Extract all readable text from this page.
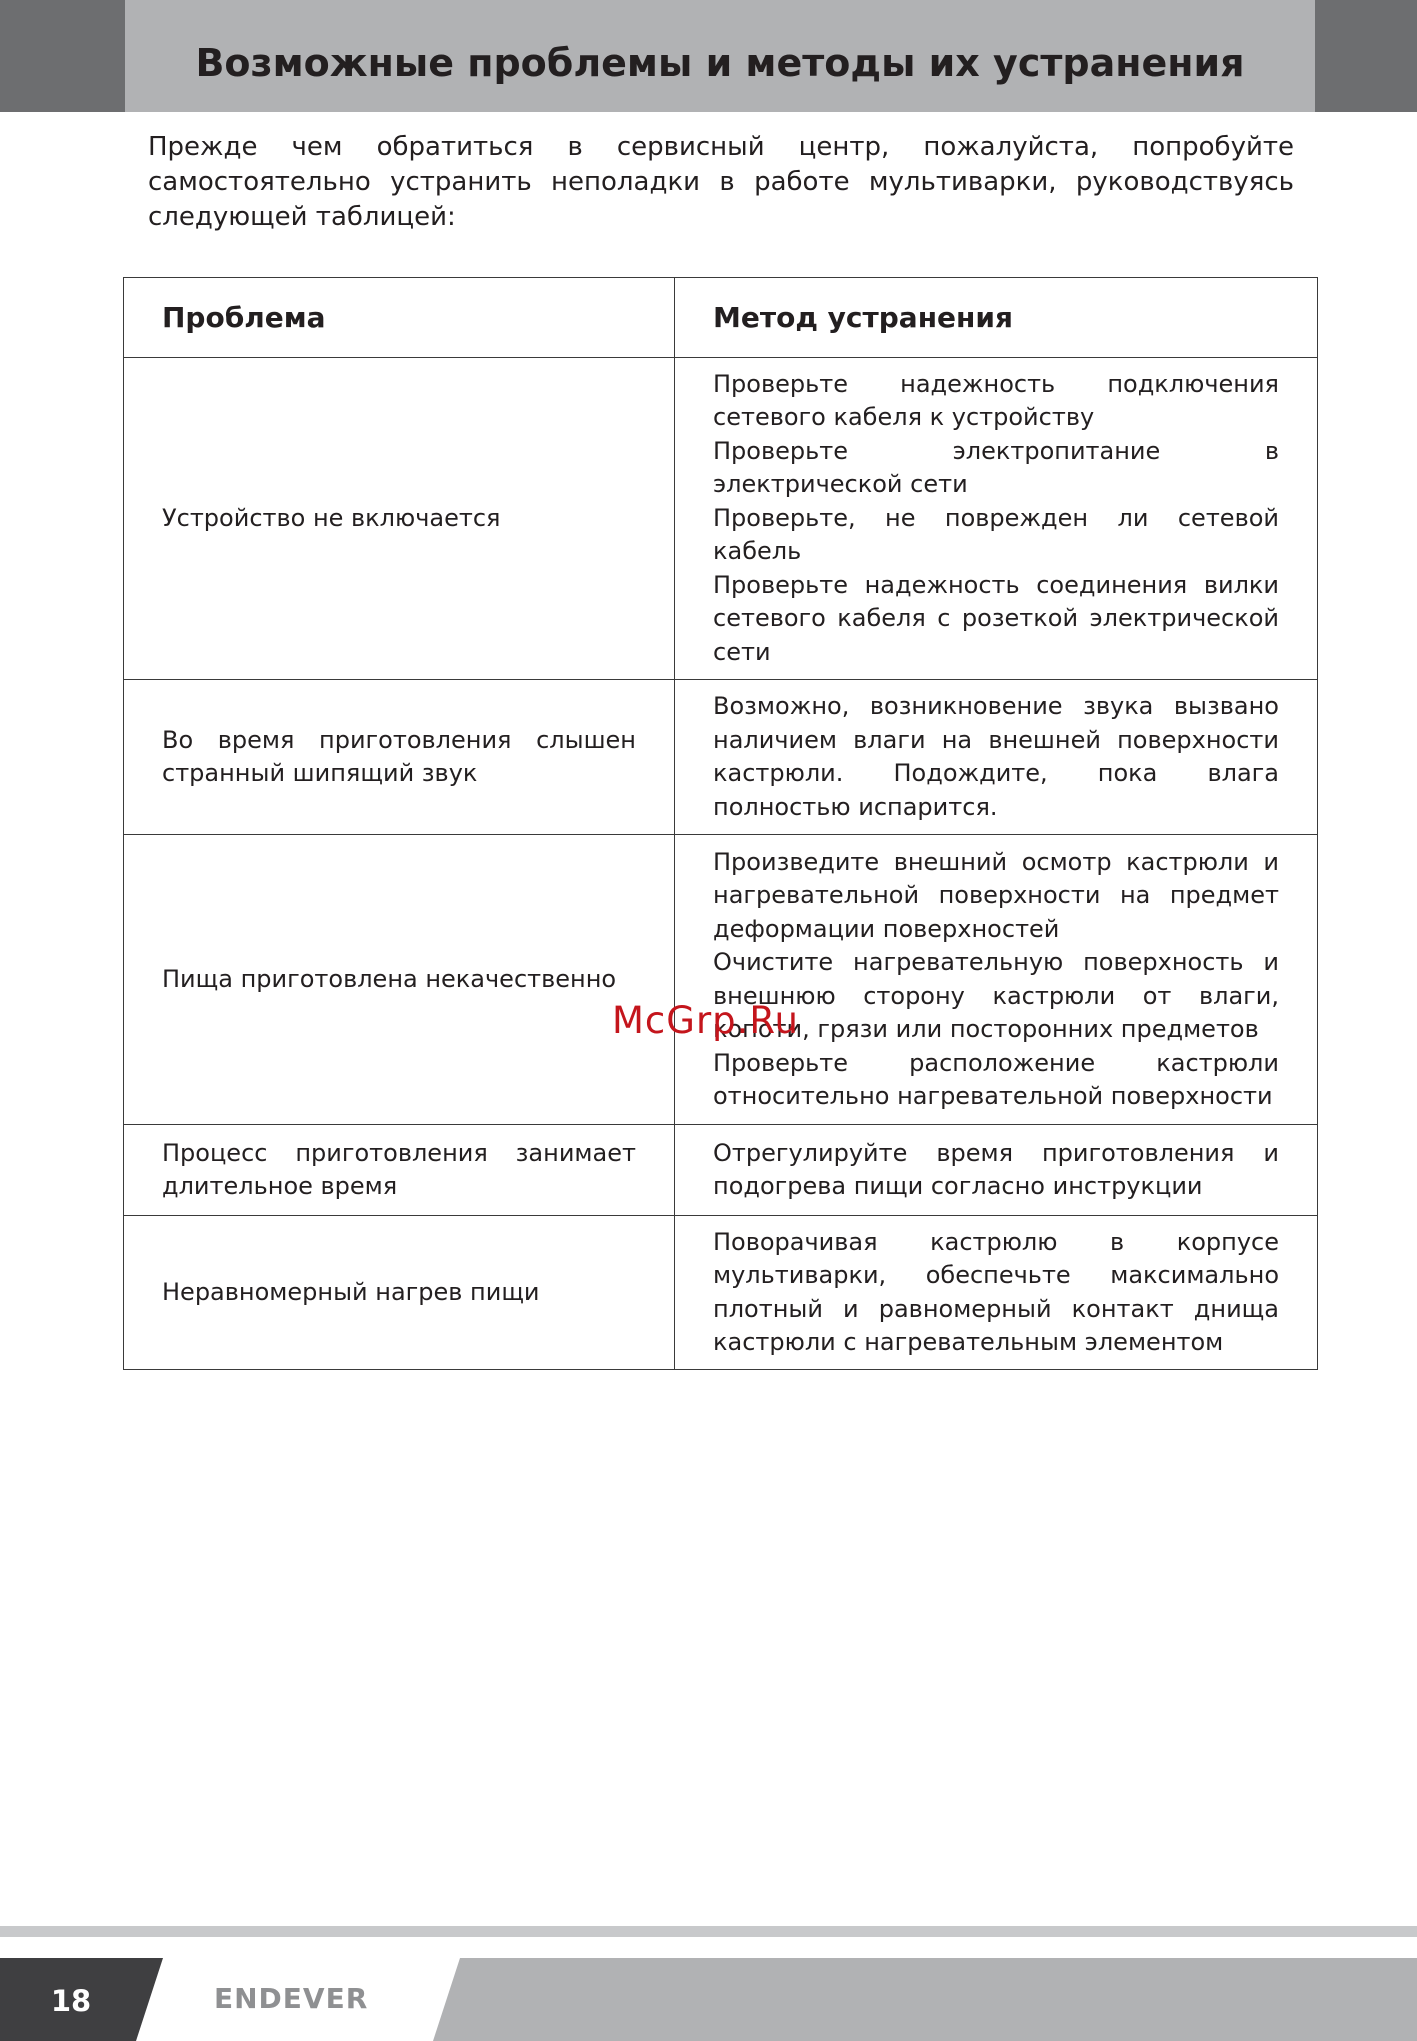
Возможные проблемы и методы их устранения

Прежде чем обратиться в сервисный центр, пожалуйста, попробуйте самостоятельно устранить неполадки в работе мультиварки, руководствуясь следующей таблицей:

Проблема	Метод устранения
Устройство не включается	Проверьте надежность подключения сетевого кабеля к устройству
Проверьте электропитание в электрической сети
Проверьте, не поврежден ли сетевой кабель
Проверьте надежность соединения вилки сетевого кабеля с розеткой электрической сети

Во время приготовления слышен странный шипящий звук	Возможно, возникновение звука вызвано наличием влаги на внешней поверхности кастрюли. Подождите, пока влага полностью испарится.

Пища приготовлена некачественно	Произведите внешний осмотр кастрюли и нагревательной поверхности на предмет деформации поверхностей
Очистите нагревательную поверхность и внешнюю сторону кастрюли от влаги, копоти, грязи или посторонних предметов
Проверьте расположение кастрюли относительно нагревательной поверхности

Процесс приготовления занимает длительное время	Отрегулируйте время приготовления и подогрева пищи согласно инструкции

Неравномерный нагрев пищи	Поворачивая кастрюлю в корпусе мультиварки, обеспечьте максимально плотный и равномерный контакт днища кастрюли с нагревательным элементом
McGrp.Ru
18	ENDEVER
